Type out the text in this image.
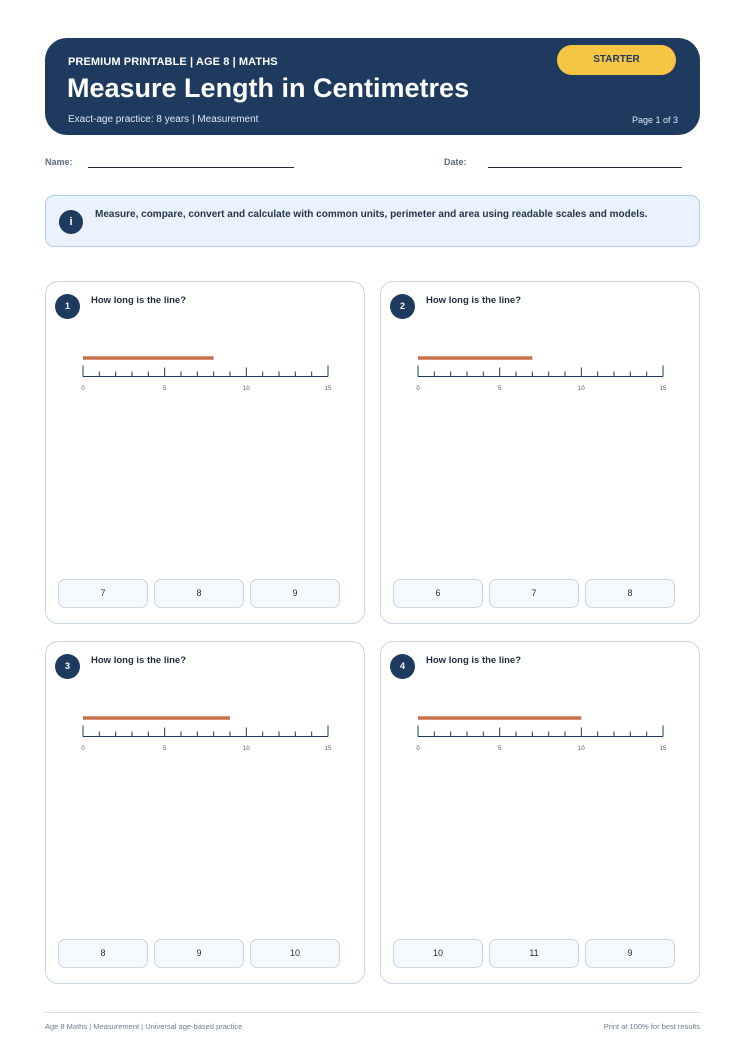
PREMIUM PRINTABLE | AGE 8 | MATHS
Measure Length in Centimetres
Exact-age practice: 8 years | Measurement	Page 1 of 3
STARTER
Name:	Date:
i
Measure, compare, convert and calculate with common units, perimeter and area using readable scales and models.
1	How long is the line?
0	5	10	15
7	8	9
2	How long is the line?
0	5	10	15
6	7	8
3	How long is the line?
0	5	10	15
8	9	10
4	How long is the line?
0	5	10	15
10	11	9
Age 8 Maths | Measurement | Universal age-based practice	Print at 100% for best results
